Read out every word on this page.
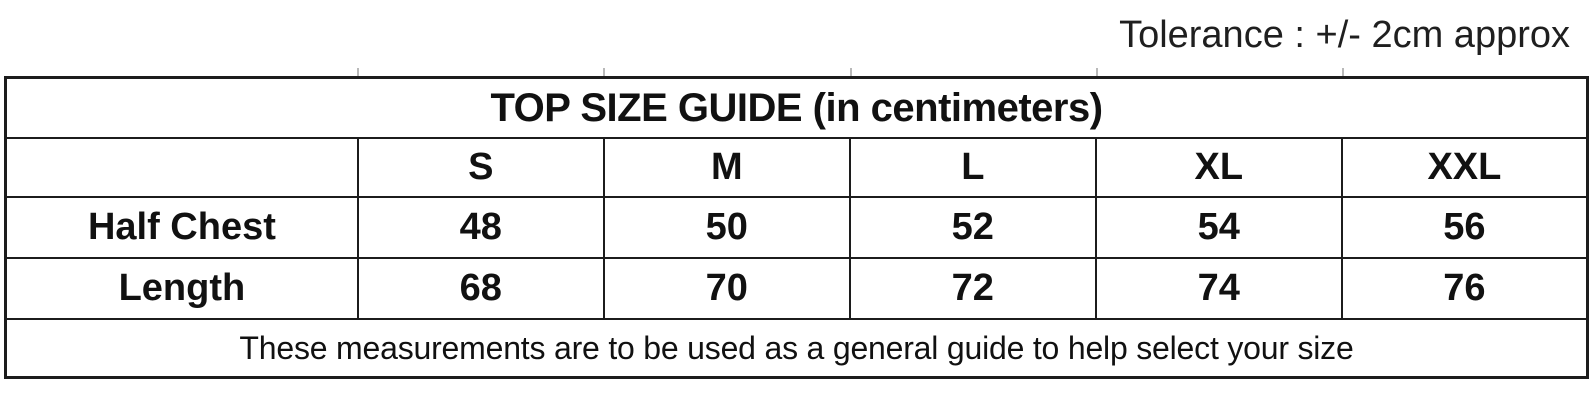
Tolerance : +/- 2cm approx
TOP SIZE GUIDE (in centimeters)					
	S	M	L	XL	XXL
Half Chest	48	50	52	54	56
Length	68	70	72	74	76
These measurements are to be used as a general guide to help select your size					
